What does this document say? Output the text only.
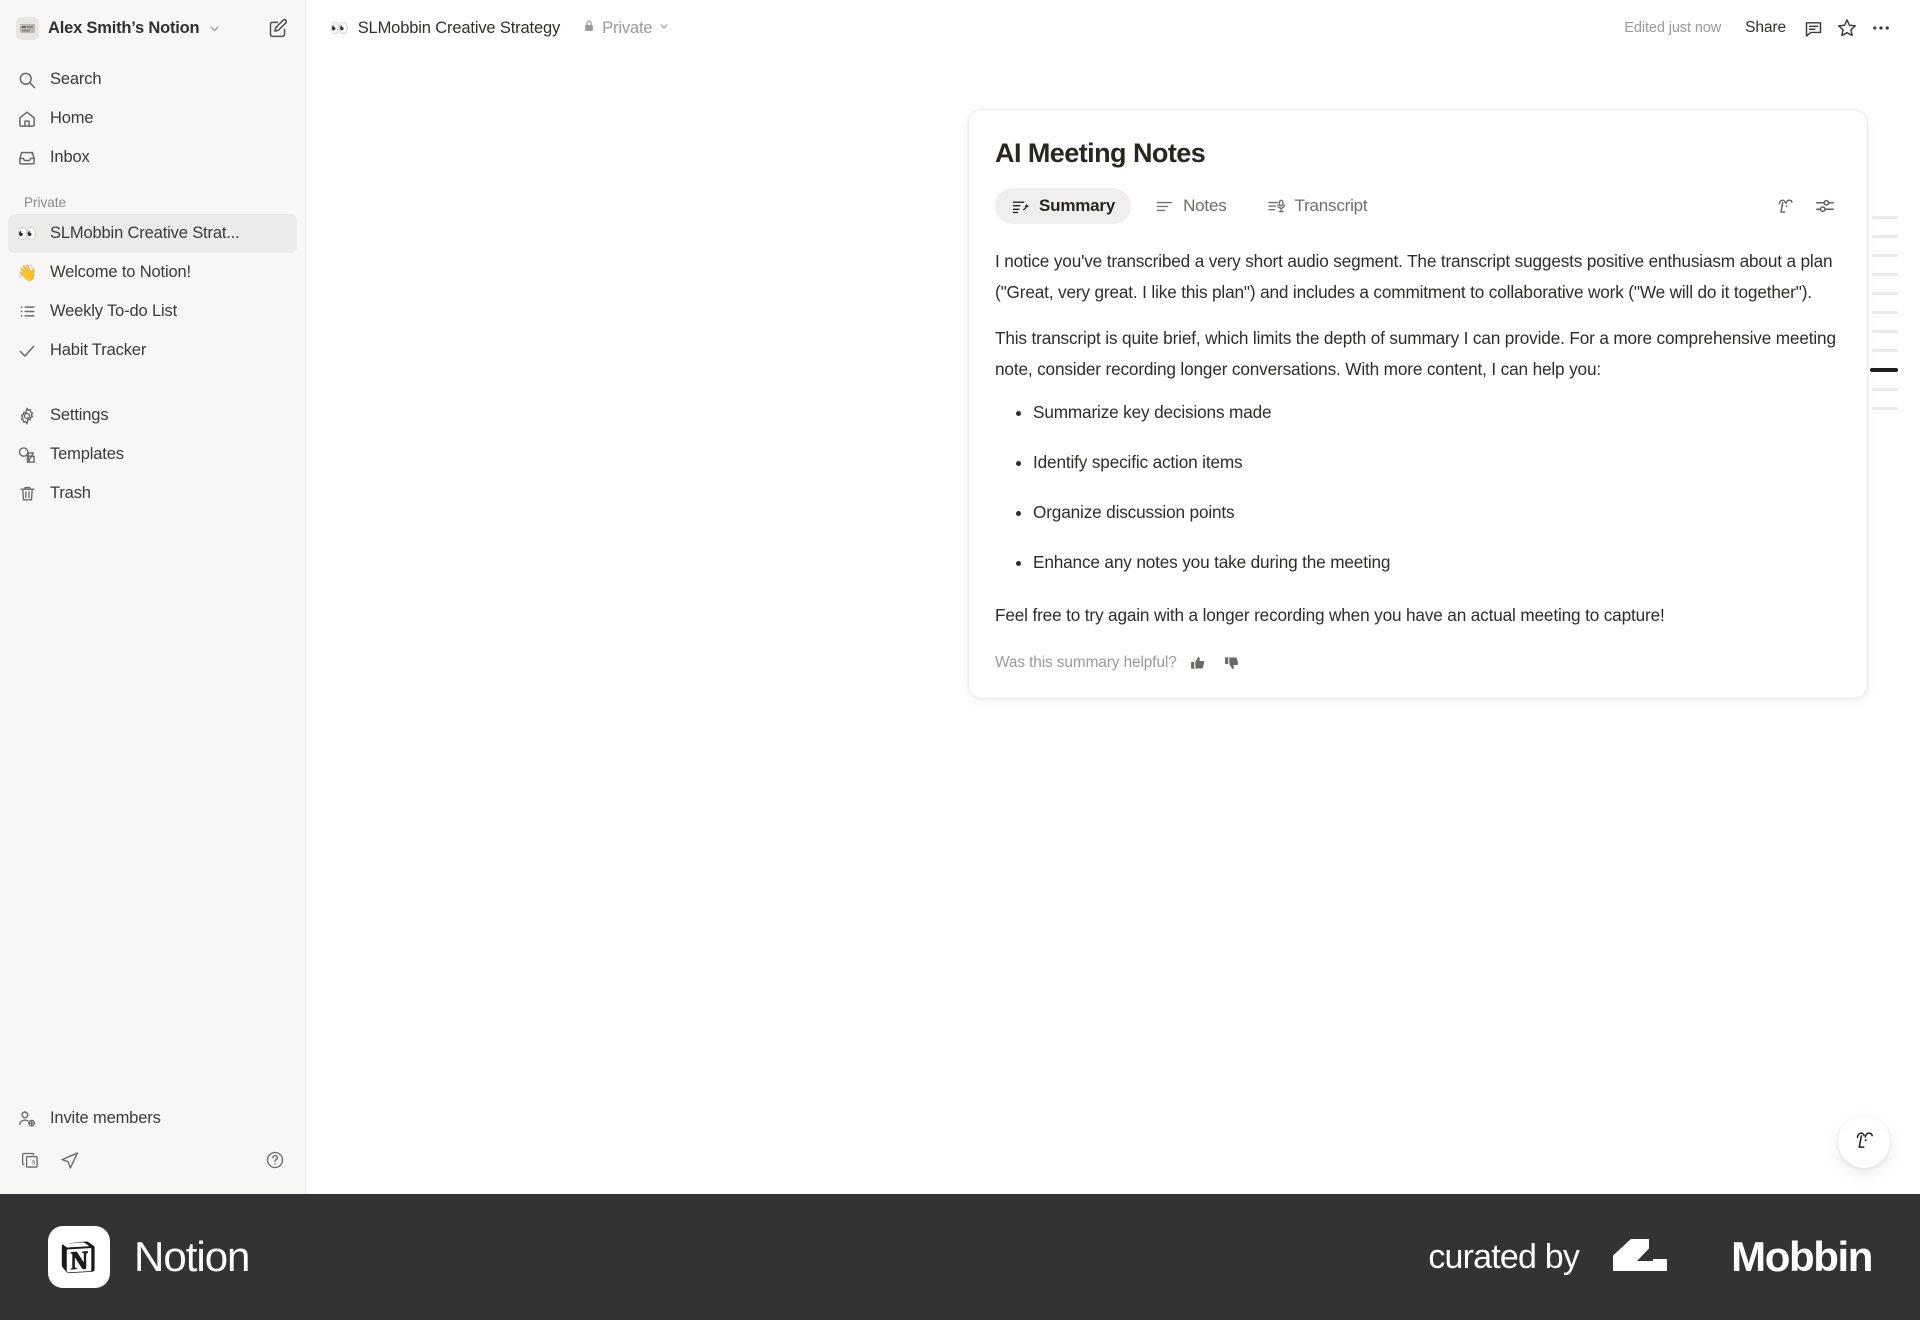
Alex Smith’s Notion
Search
Home
Inbox
Private
👀 SLMobbin Creative Strat...
👋 Welcome to Notion!
Weekly To-do List
Habit Tracker
Settings
Templates
Trash
Invite members
9
👀 SLMobbin Creative Strategy	Private	Edited just now	Share
AI Meeting Notes
Summary	Notes	Transcript

I notice you've transcribed a very short audio segment. The transcript suggests positive enthusiasm about a plan ("Great, very great. I like this plan") and includes a commitment to collaborative work ("We will do it together").

This transcript is quite brief, which limits the depth of summary I can provide. For a more comprehensive meeting note, consider recording longer conversations. With more content, I can help you:

Summarize key decisions made
Identify specific action items
Organize discussion points
Enhance any notes you take during the meeting

Feel free to try again with a longer recording when you have an actual meeting to capture!

Was this summary helpful?
Notion	curated by	Mobbin
